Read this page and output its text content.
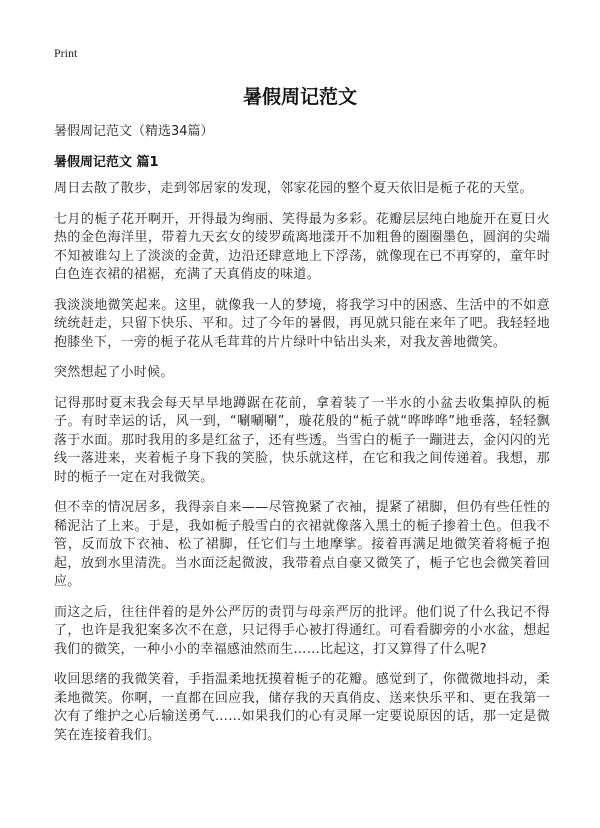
Print
暑假周记范文
暑假周记范文（精选34篇）
暑假周记范文 篇1

周日去散了散步，走到邻居家的发现，邻家花园的整个夏天依旧是栀子花的天堂。

七月的栀子花开啊开，开得最为绚丽、笑得最为多彩。花瓣层层纯白地旋开在夏日火热的金色海洋里，带着九天玄女的绫罗疏离地漾开不加粗鲁的圈圈墨色，圆润的尖端不知被谁勾上了淡淡的金黄，边沿还肆意地上下浮荡，就像现在已不再穿的，童年时白色连衣裙的裙裾，充满了天真俏皮的味道。

我淡淡地微笑起来。这里，就像我一人的梦境，将我学习中的困惑、生活中的不如意统统赶走，只留下快乐、平和。过了今年的暑假，再见就只能在来年了吧。我轻轻地抱膝坐下，一旁的栀子花从毛茸茸的片片绿叶中钻出头来，对我友善地微笑。

突然想起了小时候。

记得那时夏末我会每天早早地蹲踞在花前，拿着装了一半水的小盆去收集掉队的栀子。有时幸运的话，风一到，“唰唰唰”，璇花般的“栀子就“哗哗哗”地垂落，轻轻飘落于水面。那时我用的多是红盆子，还有些透。当雪白的栀子一蹦进去，金闪闪的光线一落进来，夹着栀子身下我的笑脸，快乐就这样，在它和我之间传递着。我想，那时的栀子一定在对我微笑。

但不幸的情况居多，我得亲自来——尽管挽紧了衣袖，提紧了裙脚，但仍有些任性的稀泥沾了上来。于是，我如栀子般雪白的衣裙就像落入黑土的栀子掺着土色。但我不管，反而放下衣袖、松了裙脚，任它们与土地摩挲。接着再满足地微笑着将栀子抱起，放到水里清洗。当水面泛起微波，我带着点自豪又微笑了，栀子它也会微笑着回应。

而这之后，往往伴着的是外公严厉的责罚与母亲严厉的批评。他们说了什么我记不得了，也许是我犯案多次不在意，只记得手心被打得通红。可看看脚旁的小水盆，想起我们的微笑，一种小小的幸福感油然而生……比起这，打又算得了什么呢?

收回思绪的我微笑着，手指温柔地抚摸着栀子的花瓣。感觉到了，你微微地抖动，柔柔地微笑。你啊，一直都在回应我，储存我的天真俏皮、送来快乐平和、更在我第一次有了维护之心后输送勇气……如果我们的心有灵犀一定要说原因的话，那一定是微笑在连接着我们。
